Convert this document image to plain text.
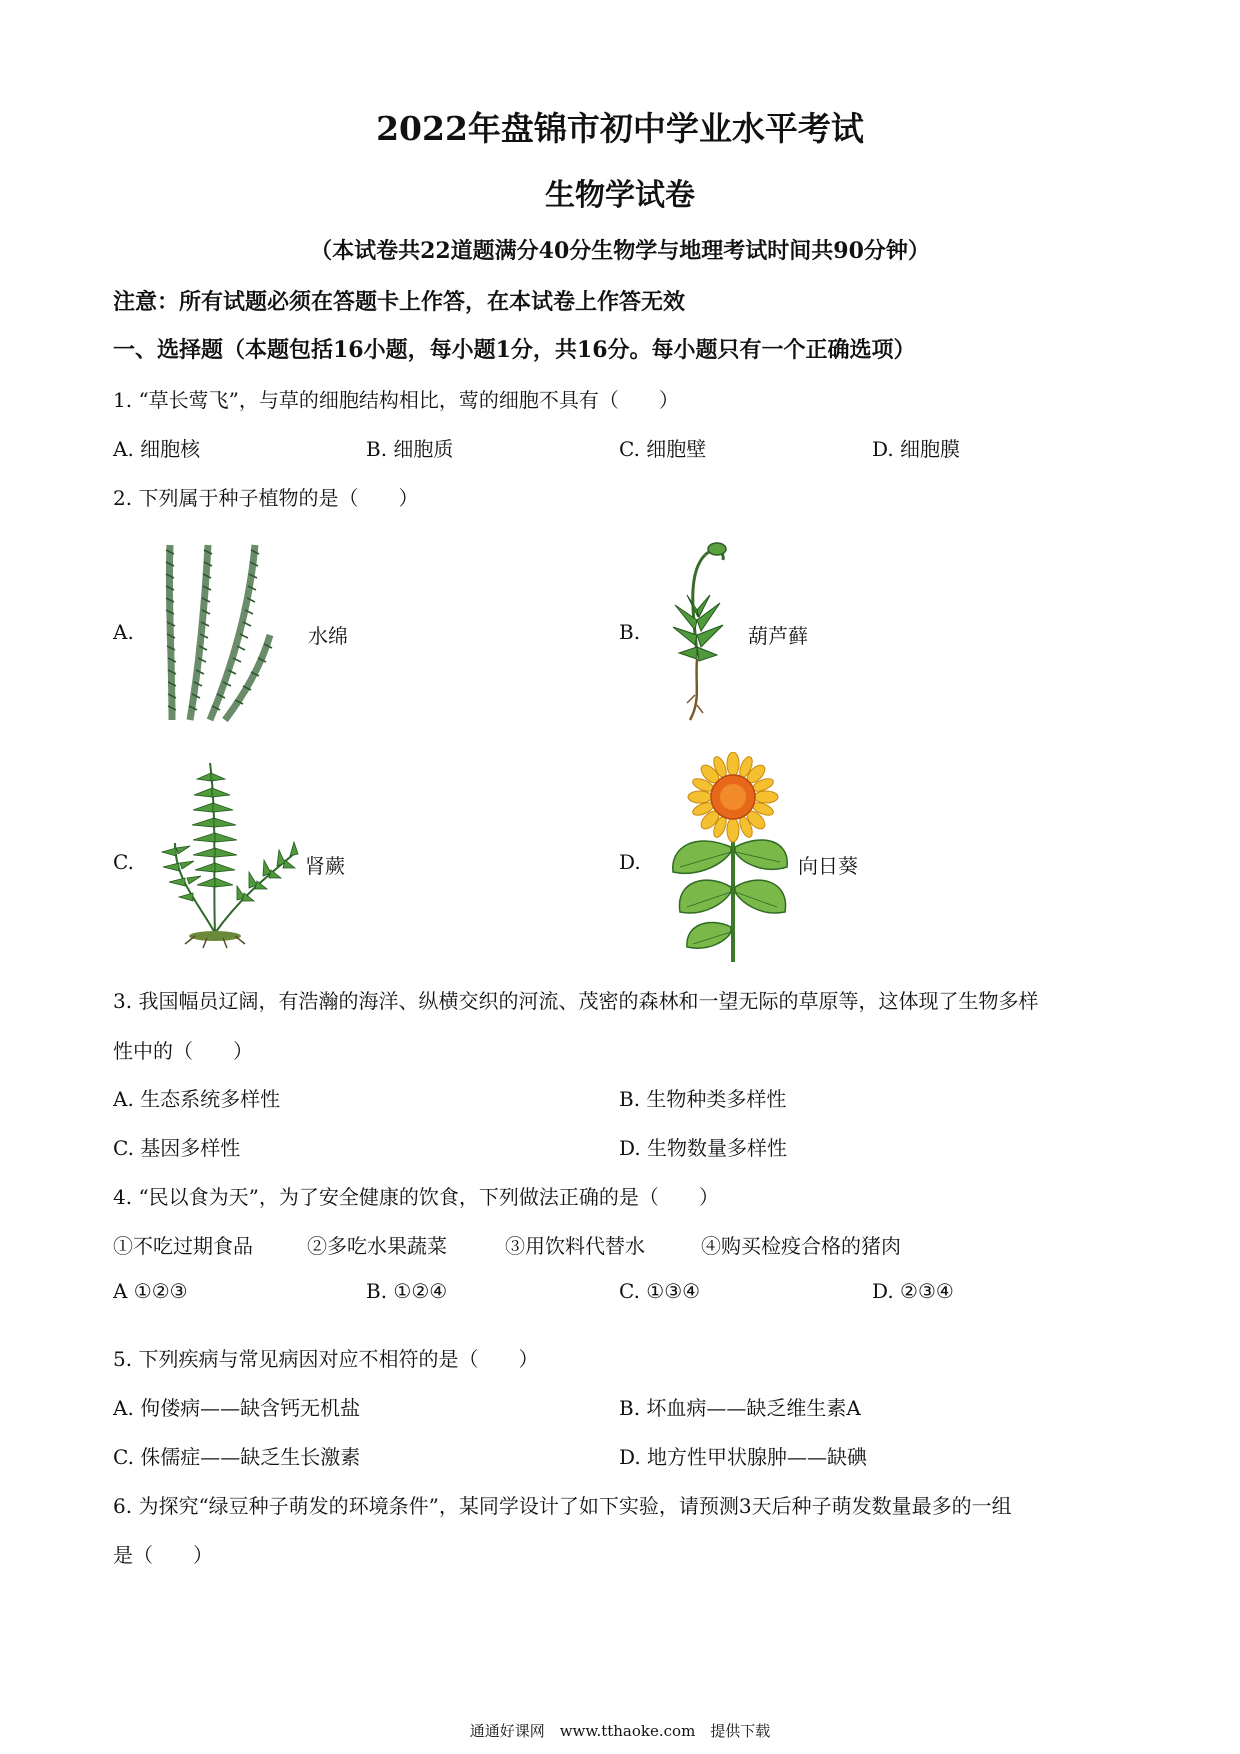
2022年盘锦市初中学业水平考试
生物学试卷
（本试卷共22道题满分40分生物学与地理考试时间共90分钟）
注意：所有试题必须在答题卡上作答，在本试卷上作答无效
一、选择题（本题包括16小题，每小题1分，共16分。每小题只有一个正确选项）
1. “草长莺飞”，与草的细胞结构相比，莺的细胞不具有（　　）
A. 细胞核	B. 细胞质	C. 细胞壁	D. 细胞膜
2. 下列属于种子植物的是（　　）
A.	水绵	B.	葫芦藓
C.	肾蕨	D.	向日葵
3. 我国幅员辽阔，有浩瀚的海洋、纵横交织的河流、茂密的森林和一望无际的草原等，这体现了生物多样
性中的（　　）
A. 生态系统多样性	B. 生物种类多样性
C. 基因多样性	D. 生物数量多样性
4. “民以食为天”，为了安全健康的饮食，下列做法正确的是（　　）
①不吃过期食品	②多吃水果蔬菜	③用饮料代替水	④购买检疫合格的猪肉
A ①②③	B. ①②④	C. ①③④	D. ②③④
5. 下列疾病与常见病因对应不相符的是（　　）
A. 佝偻病——缺含钙无机盐	B. 坏血病——缺乏维生素A
C. 侏儒症——缺乏生长激素	D. 地方性甲状腺肿——缺碘
6. 为探究“绿豆种子萌发的环境条件”，某同学设计了如下实验，请预测3天后种子萌发数量最多的一组
是（　　）
通通好课网　www.tthaoke.com　提供下载
